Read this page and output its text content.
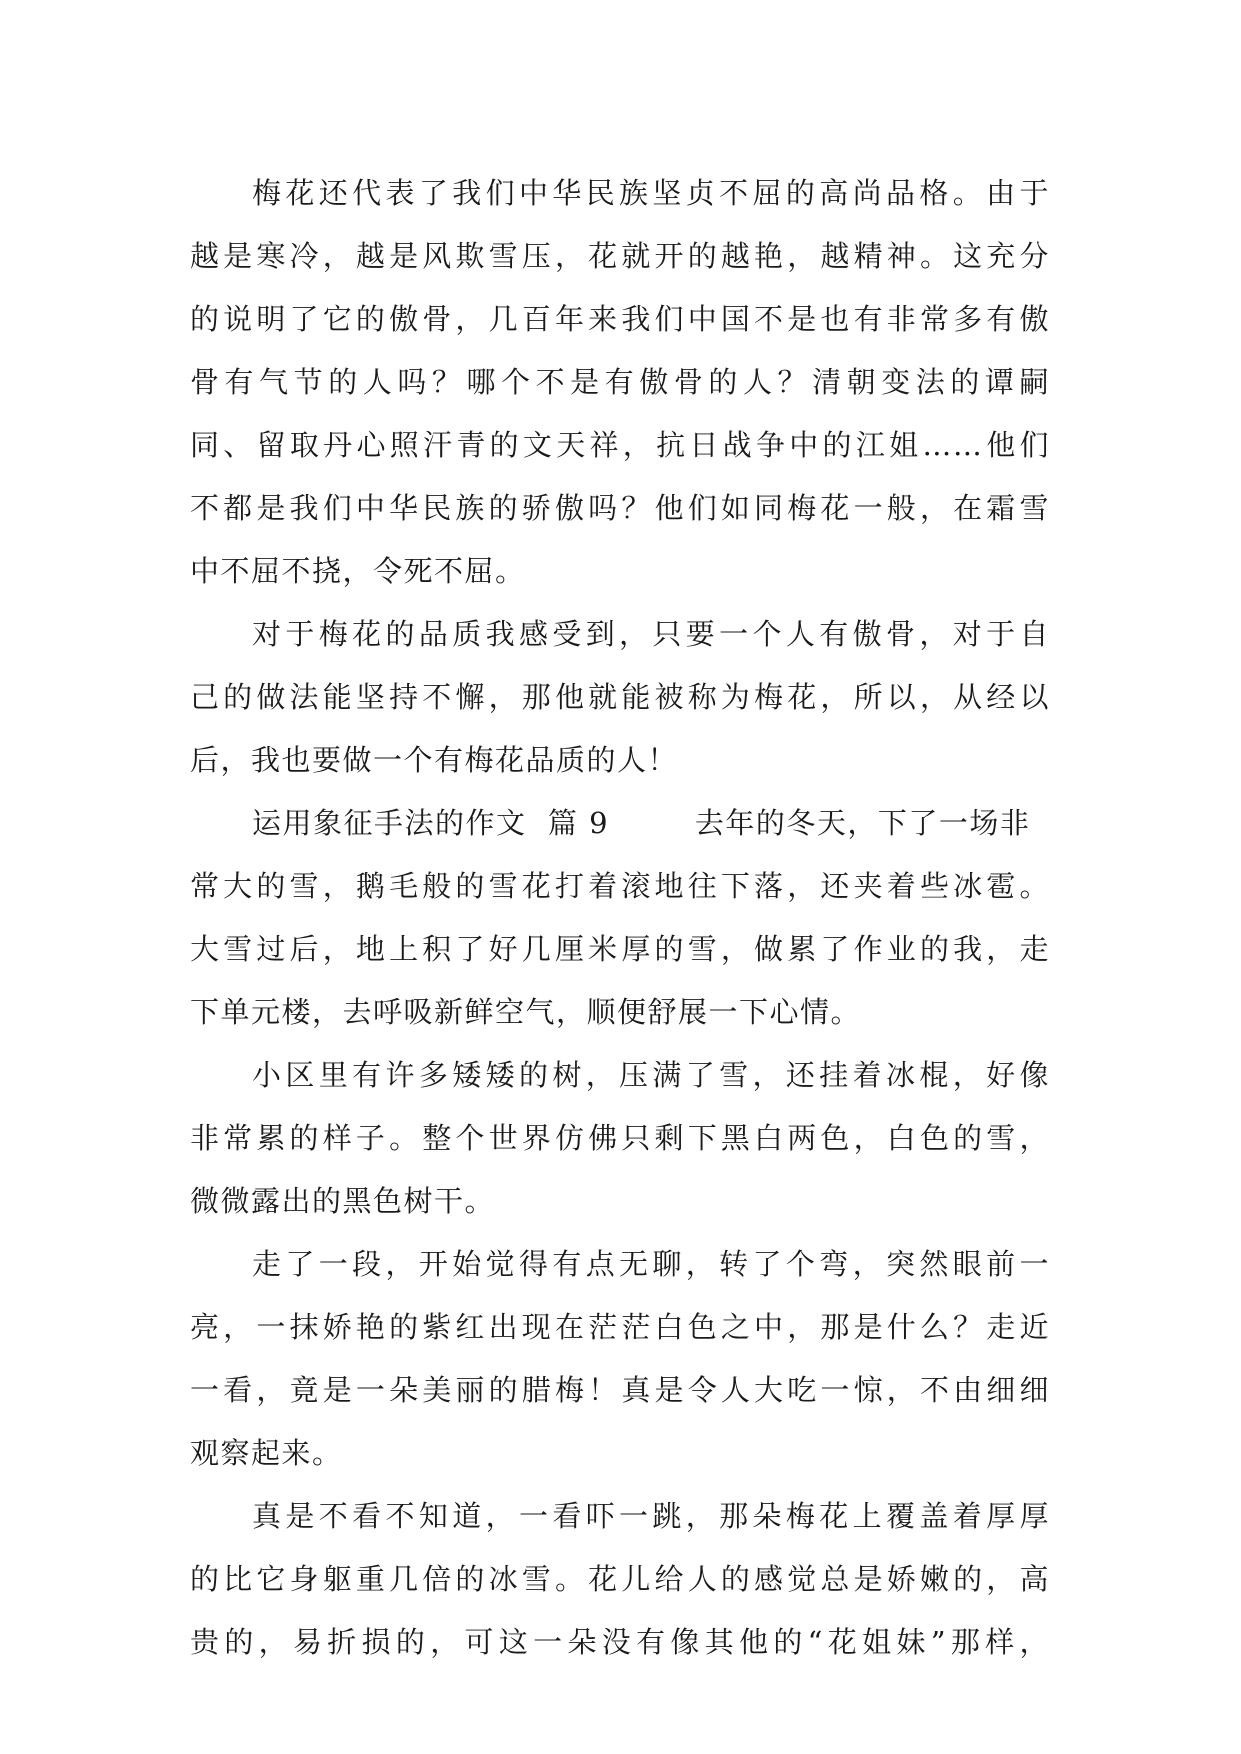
梅花还代表了我们中华民族坚贞不屈的高尚品格。由于
越是寒冷，越是风欺雪压，花就开的越艳，越精神。这充分
的说明了它的傲骨，几百年来我们中国不是也有非常多有傲
骨有气节的人吗？哪个不是有傲骨的人？清朝变法的谭嗣
同、留取丹心照汗青的文天祥，抗日战争中的江姐……他们
不都是我们中华民族的骄傲吗？他们如同梅花一般，在霜雪
中不屈不挠，令死不屈。
对于梅花的品质我感受到，只要一个人有傲骨，对于自
己的做法能坚持不懈，那他就能被称为梅花，所以，从经以
后，我也要做一个有梅花品质的人！
运用象征手法的作文  篇 9        去年的冬天，下了一场非
常大的雪，鹅毛般的雪花打着滚地往下落，还夹着些冰雹。
大雪过后，地上积了好几厘米厚的雪，做累了作业的我，走
下单元楼，去呼吸新鲜空气，顺便舒展一下心情。
小区里有许多矮矮的树，压满了雪，还挂着冰棍，好像
非常累的样子。整个世界仿佛只剩下黑白两色，白色的雪，
微微露出的黑色树干。
走了一段，开始觉得有点无聊，转了个弯，突然眼前一
亮，一抹娇艳的紫红出现在茫茫白色之中，那是什么？走近
一看，竟是一朵美丽的腊梅！真是令人大吃一惊，不由细细
观察起来。
真是不看不知道，一看吓一跳，那朵梅花上覆盖着厚厚
的比它身躯重几倍的冰雪。花儿给人的感觉总是娇嫩的，高
贵的，易折损的，可这一朵没有像其他的“花姐妹”那样，
